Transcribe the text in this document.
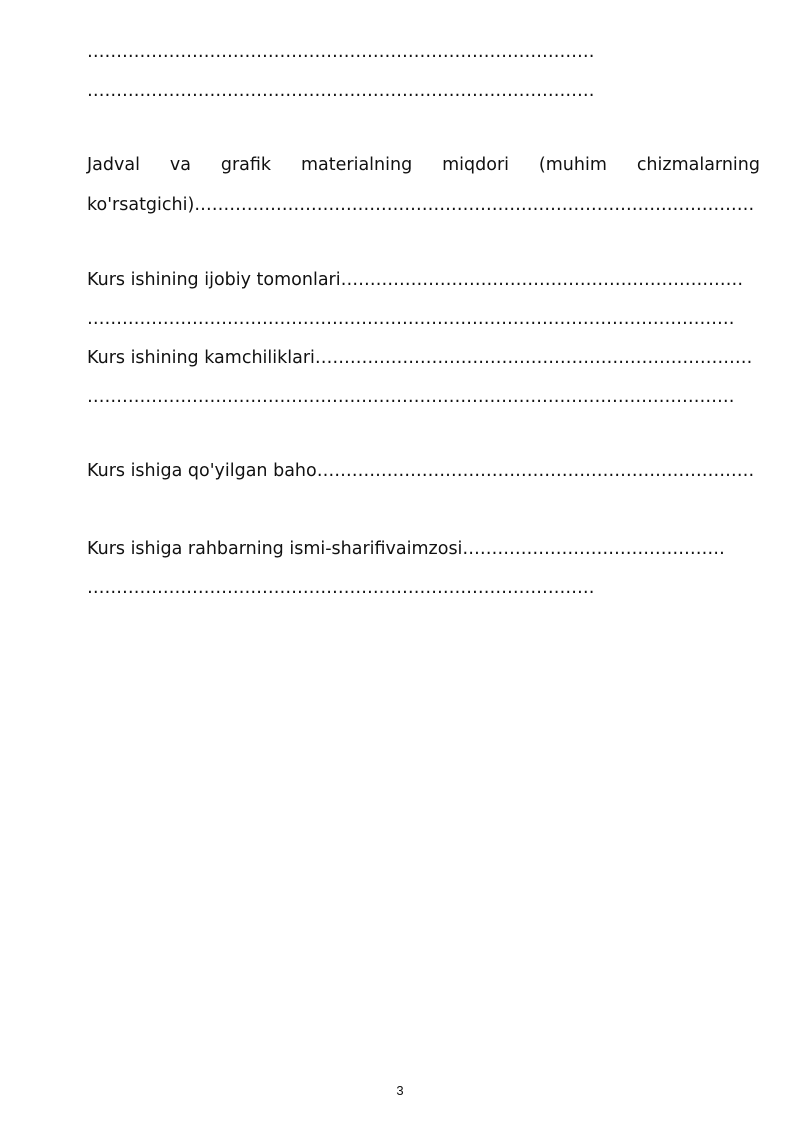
……………………………………………………………………………
……………………………………………………………………………
Jadval va grafik materialning miqdori (muhim chizmalarning
ko'rsatgichi)……………………………………………………………………………………
Kurs ishining ijobiy tomonlari……………………………………………………………
…………………………………………………………………………………………………
Kurs ishining kamchiliklari…………………………………………………………………
…………………………………………………………………………………………………
Kurs ishiga qo'yilgan baho…………………………………………………………………
Kurs ishiga rahbarning ismi-sharifivaimzosi………………………………………
……………………………………………………………………………
3
